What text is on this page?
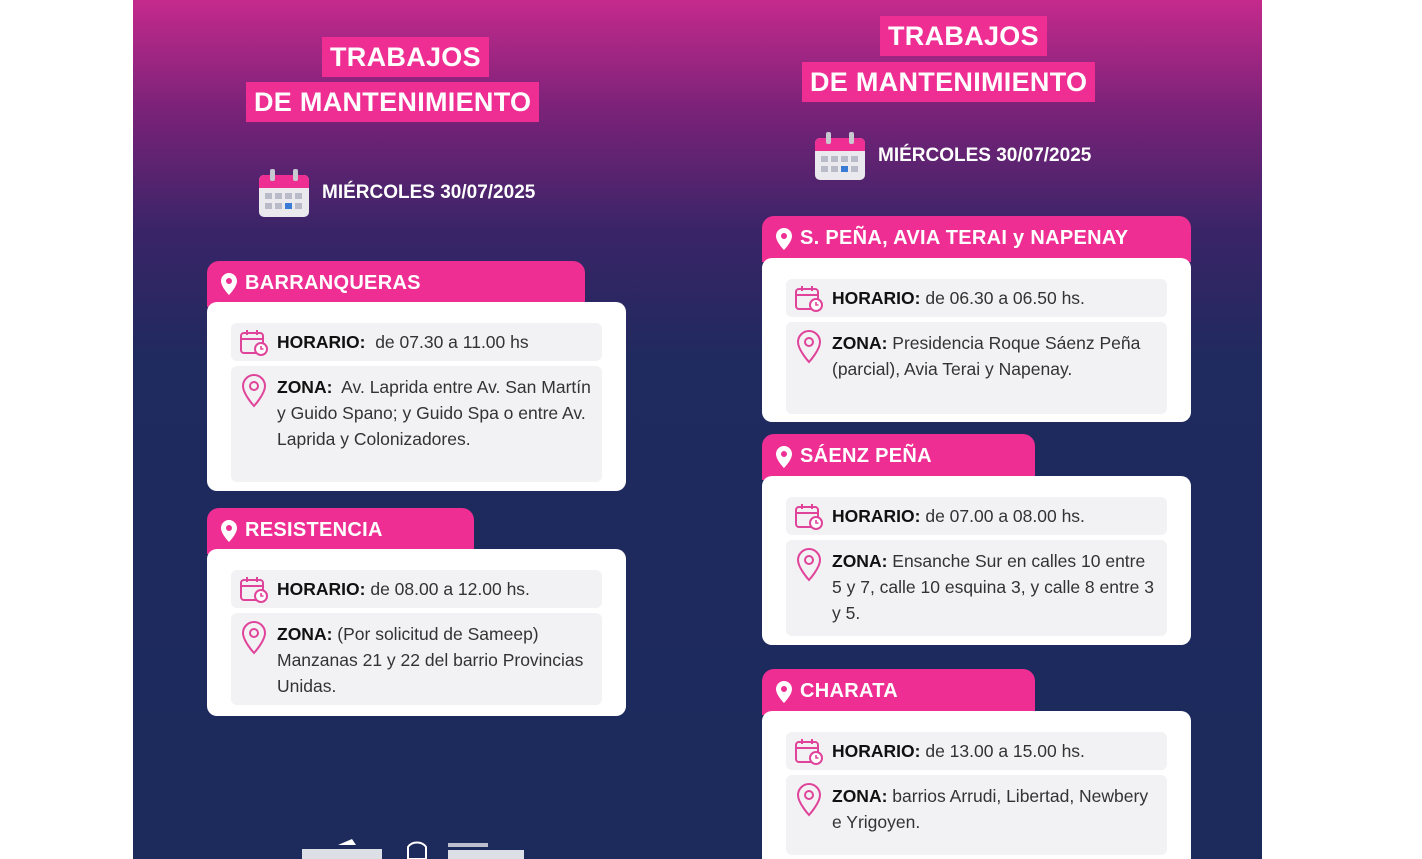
TRABAJOS
DE MANTENIMIENTO
MIÉRCOLES 30/07/2025
BARRANQUERAS
HORARIO: de 07.30 a 11.00 hs
ZONA: Av. Laprida entre Av. San Martín y Guido Spano; y Guido Spa o entre Av. Laprida y Colonizadores.
RESISTENCIA
HORARIO: de 08.00 a 12.00 hs.
ZONA: (Por solicitud de Sameep) Manzanas 21 y 22 del barrio Provincias Unidas.
TRABAJOS
DE MANTENIMIENTO
MIÉRCOLES 30/07/2025
S. PEÑA, AVIA TERAI y NAPENAY
HORARIO: de 06.30 a 06.50 hs.
ZONA: Presidencia Roque Sáenz Peña (parcial), Avia Terai y Napenay.
SÁENZ PEÑA
HORARIO: de 07.00 a 08.00 hs.
ZONA: Ensanche Sur en calles 10 entre 5 y 7, calle 10 esquina 3, y calle 8 entre 3 y 5.
CHARATA
HORARIO: de 13.00 a 15.00 hs.
ZONA: barrios Arrudi, Libertad, Newbery e Yrigoyen.
